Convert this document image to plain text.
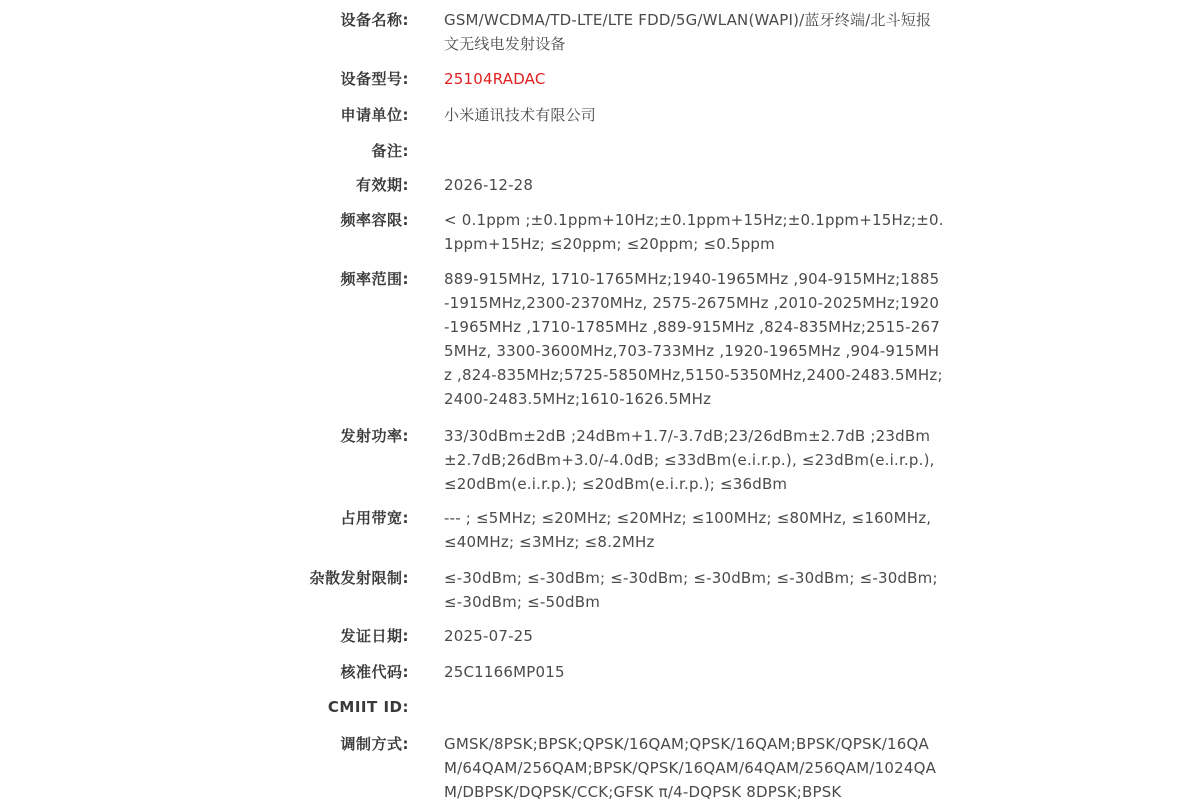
设备名称: GSM/WCDMA/TD-LTE/LTE FDD/5G/WLAN(WAPI)/蓝牙终端/北斗短报文无线电发射设备
设备型号: 25104RADAC
申请单位: 小米通讯技术有限公司
备注:
有效期: 2026-12-28
频率容限: < 0.1ppm ;±0.1ppm+10Hz;±0.1ppm+15Hz;±0.1ppm+15Hz;±0.1ppm+15Hz; ≤20ppm; ≤20ppm; ≤0.5ppm
频率范围: 889-915MHz, 1710-1765MHz;1940-1965MHz ,904-915MHz;1885-1915MHz,2300-2370MHz, 2575-2675MHz ,2010-2025MHz;1920-1965MHz ,1710-1785MHz ,889-915MHz ,824-835MHz;2515-2675MHz, 3300-3600MHz,703-733MHz ,1920-1965MHz ,904-915MHz ,824-835MHz;5725-5850MHz,5150-5350MHz,2400-2483.5MHz;2400-2483.5MHz;1610-1626.5MHz
发射功率: 33/30dBm±2dB ;24dBm+1.7/-3.7dB;23/26dBm±2.7dB ;23dBm±2.7dB;26dBm+3.0/-4.0dB; ≤33dBm(e.i.r.p.), ≤23dBm(e.i.r.p.), ≤20dBm(e.i.r.p.); ≤20dBm(e.i.r.p.); ≤36dBm
占用带宽: --- ; ≤5MHz; ≤20MHz; ≤20MHz; ≤100MHz; ≤80MHz, ≤160MHz, ≤40MHz; ≤3MHz; ≤8.2MHz
杂散发射限制: ≤-30dBm; ≤-30dBm; ≤-30dBm; ≤-30dBm; ≤-30dBm; ≤-30dBm; ≤-30dBm; ≤-50dBm
发证日期: 2025-07-25
核准代码: 25C1166MP015
CMIIT ID:
调制方式: GMSK/8PSK;BPSK;QPSK/16QAM;QPSK/16QAM;BPSK/QPSK/16QAM/64QAM/256QAM;BPSK/QPSK/16QAM/64QAM/256QAM/1024QAM/DBPSK/DQPSK/CCK;GFSK π/4-DQPSK 8DPSK;BPSK
